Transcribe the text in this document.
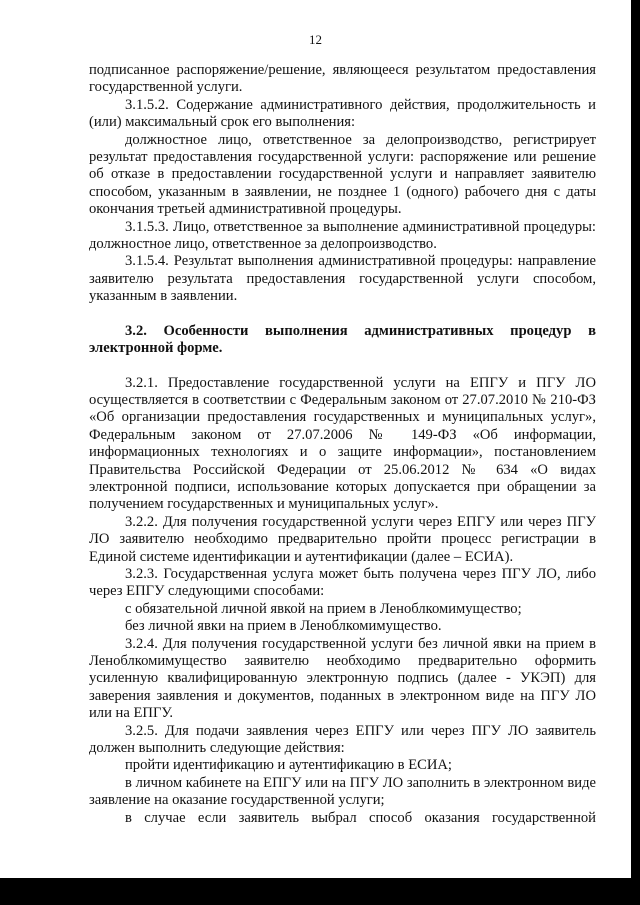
12

подписанное распоряжение/решение, являющееся результатом предоставления государственной услуги.

3.1.5.2. Содержание административного действия, продолжительность и (или) максимальный срок его выполнения:

должностное лицо, ответственное за делопроизводство, регистрирует результат предоставления государственной услуги: распоряжение или решение об отказе в предоставлении государственной услуги и направляет заявителю способом, указанным в заявлении, не позднее 1 (одного) рабочего дня с даты окончания третьей административной процедуры.

3.1.5.3. Лицо, ответственное за выполнение административной процедуры: должностное лицо, ответственное за делопроизводство.

3.1.5.4. Результат выполнения административной процедуры: направление заявителю результата предоставления государственной услуги способом, указанным в заявлении.

3.2. Особенности выполнения административных процедур в электронной форме.

3.2.1. Предоставление государственной услуги на ЕПГУ и ПГУ ЛО осуществляется в соответствии с Федеральным законом от 27.07.2010 № 210-ФЗ «Об организации предоставления государственных и муниципальных услуг», Федеральным законом от 27.07.2006 № 149-ФЗ «Об информации, информационных технологиях и о защите информации», постановлением Правительства Российской Федерации от 25.06.2012 № 634 «О видах электронной подписи, использование которых допускается при обращении за получением государственных и муниципальных услуг».

3.2.2. Для получения государственной услуги через ЕПГУ или через ПГУ ЛО заявителю необходимо предварительно пройти процесс регистрации в Единой системе идентификации и аутентификации (далее – ЕСИА).

3.2.3. Государственная услуга может быть получена через ПГУ ЛО, либо через ЕПГУ следующими способами:

с обязательной личной явкой на прием в Леноблкомимущество;

без личной явки на прием в Леноблкомимущество.

3.2.4. Для получения государственной услуги без личной явки на прием в Леноблкомимущество заявителю необходимо предварительно оформить усиленную квалифицированную электронную подпись (далее - УКЭП) для заверения заявления и документов, поданных в электронном виде на ПГУ ЛО или на ЕПГУ.

3.2.5. Для подачи заявления через ЕПГУ или через ПГУ ЛО заявитель должен выполнить следующие действия:

пройти идентификацию и аутентификацию в ЕСИА;

в личном кабинете на ЕПГУ или на ПГУ ЛО заполнить в электронном виде заявление на оказание государственной услуги;

в случае если заявитель выбрал способ оказания государственной
